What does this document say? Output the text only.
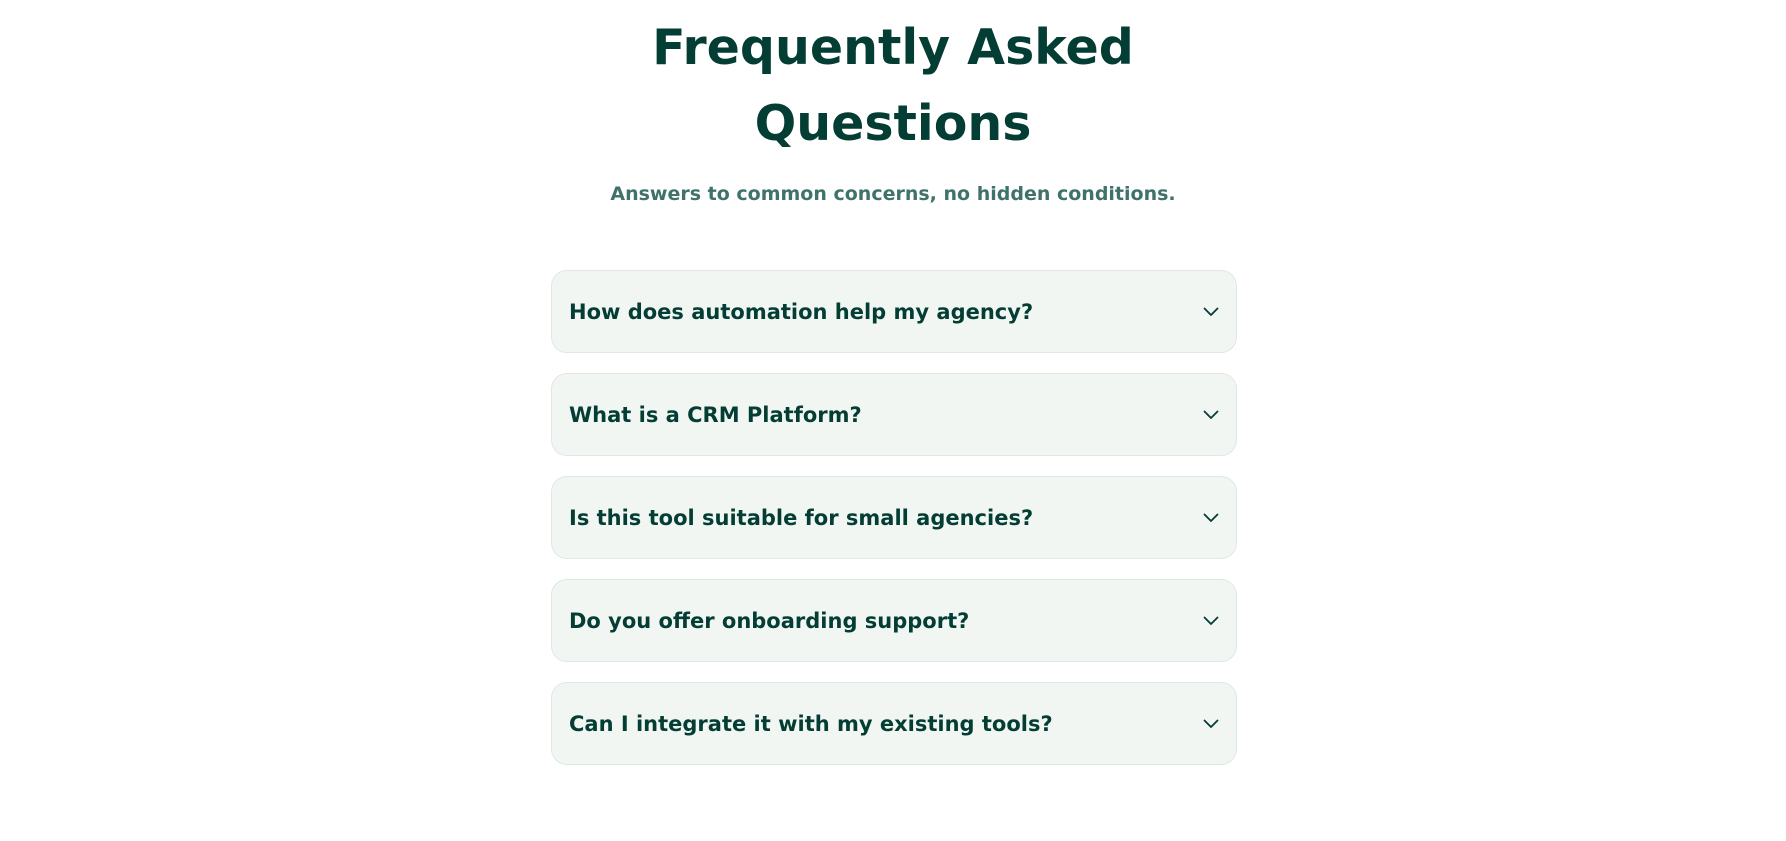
Frequently Asked
Questions

Answers to common concerns, no hidden conditions.

How does automation help my agency?
What is a CRM Platform?
Is this tool suitable for small agencies?
Do you offer onboarding support?
Can I integrate it with my existing tools?
